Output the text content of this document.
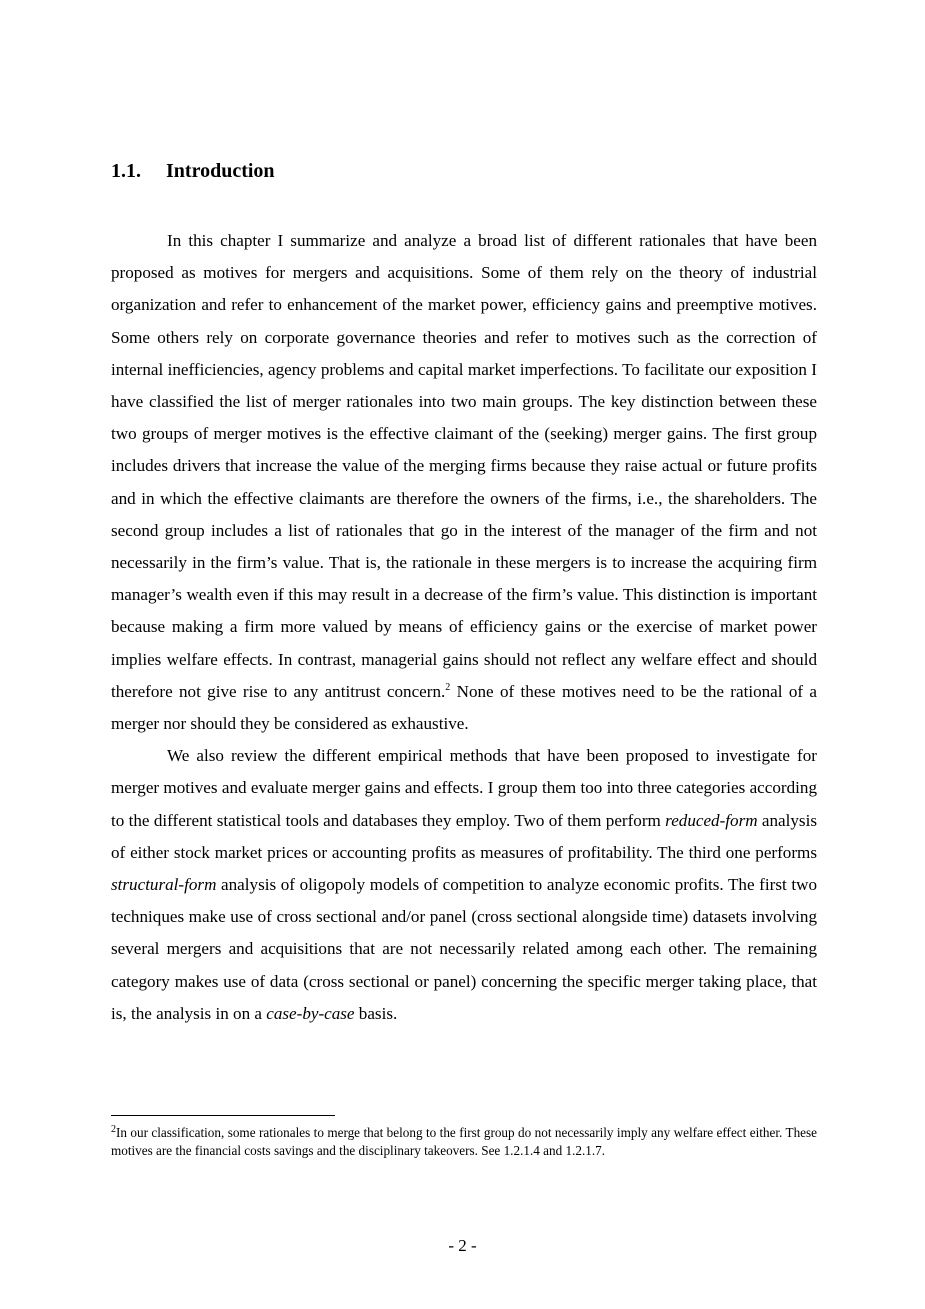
1.1. Introduction

In this chapter I summarize and analyze a broad list of different rationales that have been proposed as motives for mergers and acquisitions. Some of them rely on the theory of industrial organization and refer to enhancement of the market power, efficiency gains and preemptive motives. Some others rely on corporate governance theories and refer to motives such as the correction of internal inefficiencies, agency problems and capital market imperfections. To facilitate our exposition I have classified the list of merger rationales into two main groups. The key distinction between these two groups of merger motives is the effective claimant of the (seeking) merger gains. The first group includes drivers that increase the value of the merging firms because they raise actual or future profits and in which the effective claimants are therefore the owners of the firms, i.e., the shareholders. The second group includes a list of rationales that go in the interest of the manager of the firm and not necessarily in the firm’s value. That is, the rationale in these mergers is to increase the acquiring firm manager’s wealth even if this may result in a decrease of the firm’s value. This distinction is important because making a firm more valued by means of efficiency gains or the exercise of market power implies welfare effects. In contrast, managerial gains should not reflect any welfare effect and should therefore not give rise to any antitrust concern.$^2$ None of these motives need to be the rational of a merger nor should they be considered as exhaustive.

We also review the different empirical methods that have been proposed to investigate for merger motives and evaluate merger gains and effects. I group them too into three categories according to the different statistical tools and databases they employ. Two of them perform reduced-form analysis of either stock market prices or accounting profits as measures of profitability. The third one performs structural-form analysis of oligopoly models of competition to analyze economic profits. The first two techniques make use of cross sectional and/or panel (cross sectional alongside time) datasets involving several mergers and acquisitions that are not necessarily related among each other. The remaining category makes use of data (cross sectional or panel) concerning the specific merger taking place, that is, the analysis in on a case-by-case basis.

$^2$In our classification, some rationales to merge that belong to the first group do not necessarily imply any welfare effect either. These motives are the financial costs savings and the disciplinary takeovers. See 1.2.1.4 and 1.2.1.7.

- 2 -
